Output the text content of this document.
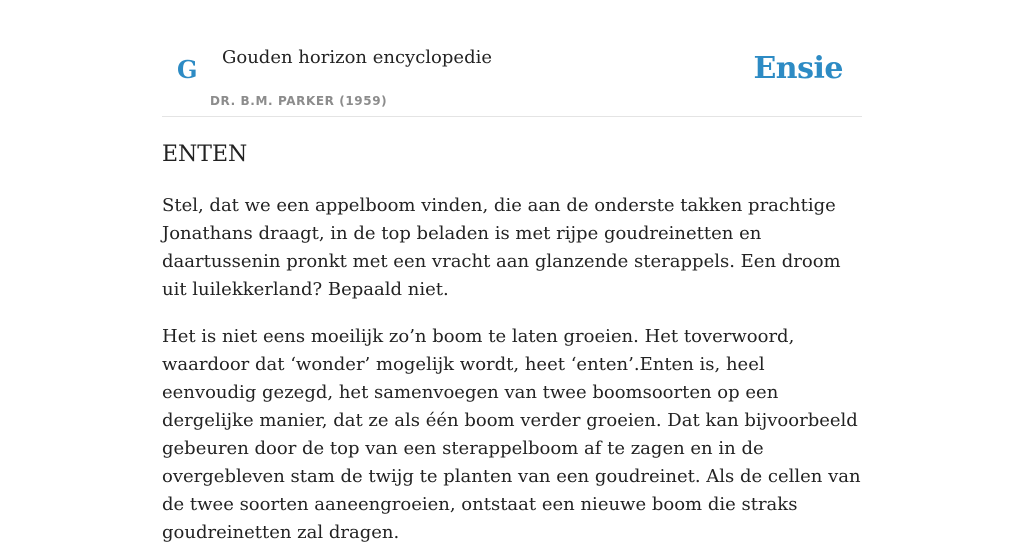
G Gouden horizon encyclopedie
DR. B.M. PARKER (1959)
Ensie
ENTEN

Stel, dat we een appelboom vinden, die aan de onderste takken prachtige Jonathans draagt, in de top beladen is met rijpe goudreinetten en daartussenin pronkt met een vracht aan glanzende sterappels. Een droom uit luilekkerland? Bepaald niet.

Het is niet eens moeilijk zo’n boom te laten groeien. Het toverwoord, waardoor dat ‘wonder’ mogelijk wordt, heet ‘enten’.Enten is, heel eenvoudig gezegd, het samenvoegen van twee boomsoorten op een dergelijke manier, dat ze als één boom verder groeien. Dat kan bijvoorbeeld gebeuren door de top van een sterappelboom af te zagen en in de overgebleven stam de twijg te planten van een goudreinet. Als de cellen van de twee soorten aaneengroeien, ontstaat een nieuwe boom die straks goudreinetten zal dragen.
